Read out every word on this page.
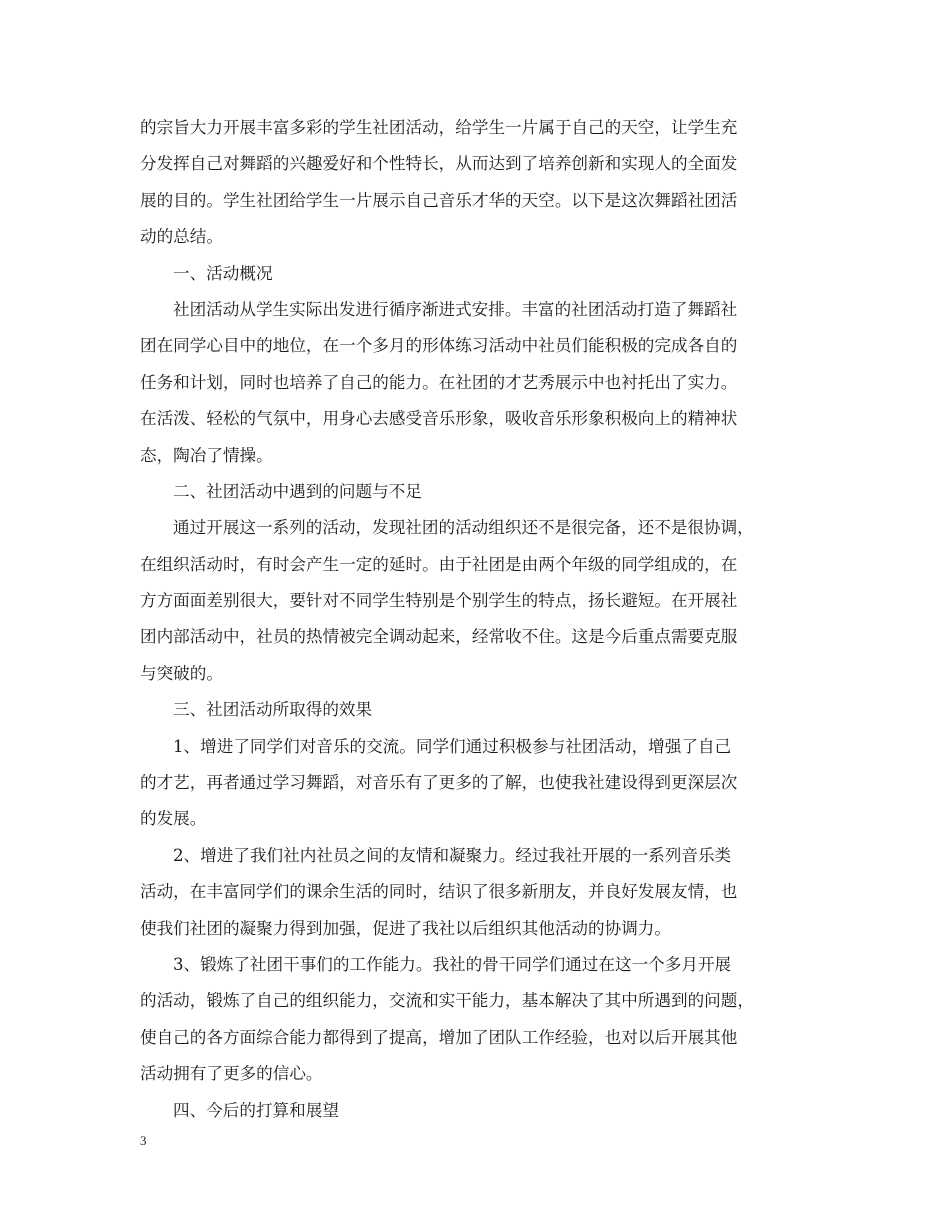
的宗旨大力开展丰富多彩的学生社团活动，给学生一片属于自己的天空，让学生充
分发挥自己对舞蹈的兴趣爱好和个性特长，从而达到了培养创新和实现人的全面发
展的目的。学生社团给学生一片展示自己音乐才华的天空。以下是这次舞蹈社团活
动的总结。
一、活动概况
社团活动从学生实际出发进行循序渐进式安排。丰富的社团活动打造了舞蹈社
团在同学心目中的地位，在一个多月的形体练习活动中社员们能积极的完成各自的
任务和计划，同时也培养了自己的能力。在社团的才艺秀展示中也衬托出了实力。
在活泼、轻松的气氛中，用身心去感受音乐形象，吸收音乐形象积极向上的精神状
态，陶冶了情操。
二、社团活动中遇到的问题与不足
通过开展这一系列的活动，发现社团的活动组织还不是很完备，还不是很协调，
在组织活动时，有时会产生一定的延时。由于社团是由两个年级的同学组成的，在
方方面面差别很大，要针对不同学生特别是个别学生的特点，扬长避短。在开展社
团内部活动中，社员的热情被完全调动起来，经常收不住。这是今后重点需要克服
与突破的。
三、社团活动所取得的效果
1、增进了同学们对音乐的交流。同学们通过积极参与社团活动，增强了自己
的才艺，再者通过学习舞蹈，对音乐有了更多的了解，也使我社建设得到更深层次
的发展。
2、增进了我们社内社员之间的友情和凝聚力。经过我社开展的一系列音乐类
活动，在丰富同学们的课余生活的同时，结识了很多新朋友，并良好发展友情，也
使我们社团的凝聚力得到加强，促进了我社以后组织其他活动的协调力。
3、锻炼了社团干事们的工作能力。我社的骨干同学们通过在这一个多月开展
的活动，锻炼了自己的组织能力，交流和实干能力，基本解决了其中所遇到的问题，
使自己的各方面综合能力都得到了提高，增加了团队工作经验，也对以后开展其他
活动拥有了更多的信心。
四、今后的打算和展望
3
